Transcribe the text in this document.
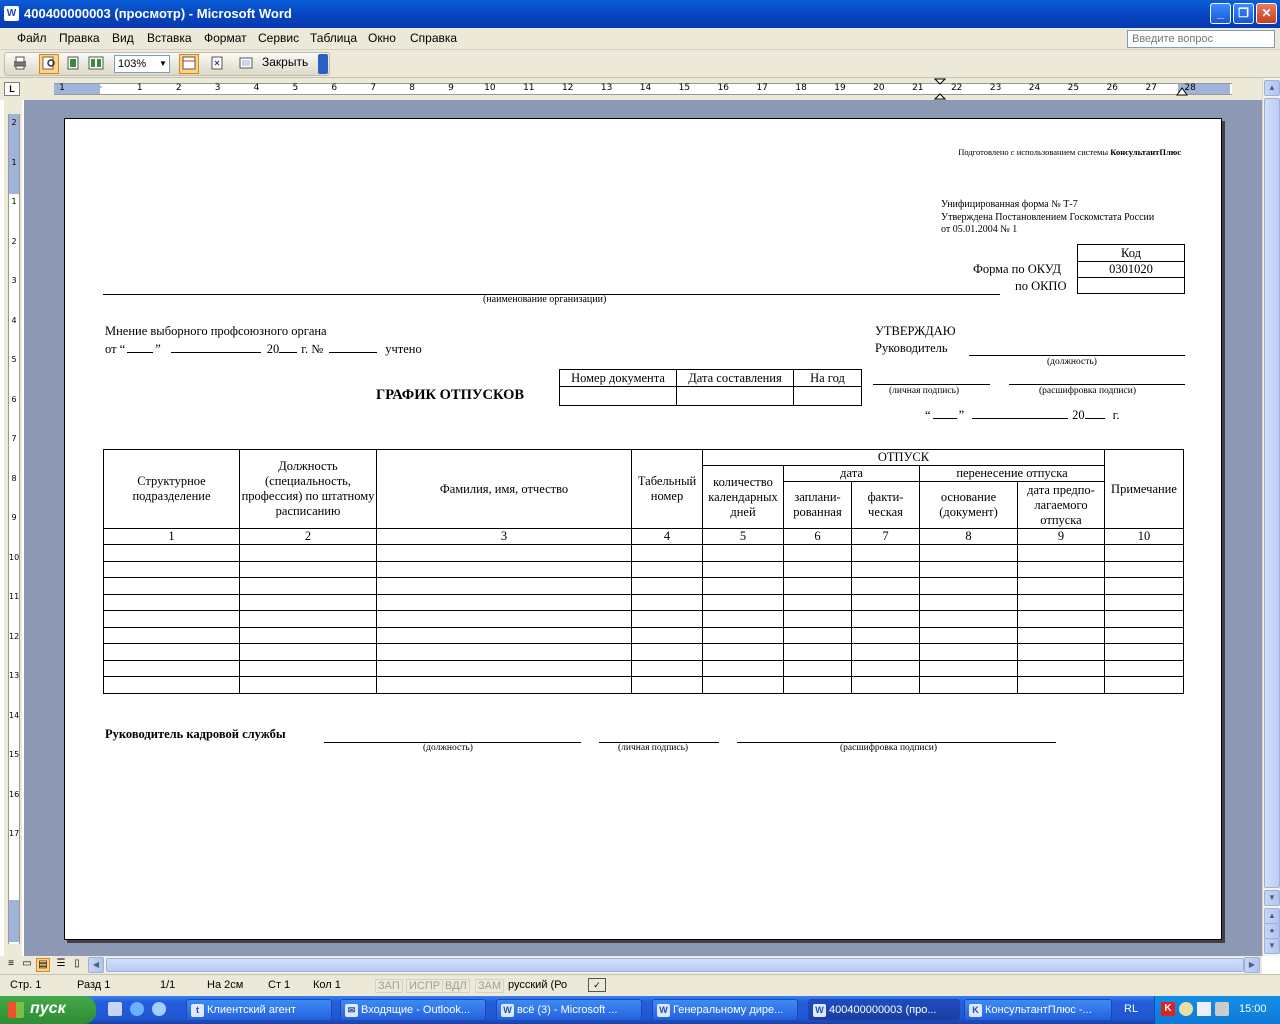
W 400400000003 (просмотр) - Microsoft Word	_	❐	✕
Файл Правка Вид Вставка Формат Сервис Таблица Окно Справка	Введите вопрос
103% ▼	Закрыть
L	1	·	1	2	3	4	5	6	7	8	9	10	11	12	13	14	15	16	17	18	19	20	21	22	23	24	25	26	27	28
2
1
1
2
3
4
5
6
7
8
9
10
11
12
13
14
15
16
17
Подготовлено с использованием системы КонсультантПлюс
Унифицированная форма № Т-7
Утверждена Постановлением Госкомстата России
от 05.01.2004 № 1
Код
0301020

Форма по ОКУД
по ОКПО
(наименование организации)
Мнение выборного профсоюзного органа
от “ ”	20 г. №	учтено
УТВЕРЖДАЮ
Руководитель
(должность)
(личная подпись)	(расшифровка подписи)
“ ”	20 г.
ГРАФИК ОТПУСКОВ
Номер документа	Дата составления	На год

Структурное подразделение	Должность (специальность, профессия) по штатному расписанию	Фамилия, имя, отчество	Табельный номер	ОТПУСК					Примечание
				количество календарных дней	дата		перенесение отпуска		
					заплани-рованная	факти-ческая	основание (документ)	дата предпо-лагаемого отпуска	
1	2	3	4	5	6	7	8	9	10

Руководитель кадровой службы
(должность)	(личная подпись)	(расшифровка подписи)
▲
▼
▲
●
▼
≡ ▭ ▤ ☰ ▯	◀	▶
Стр. 1	Разд 1	1/1	На 2см Ст 1 Кол 1	ЗАП ИСПР ВДЛ ЗАМ русский (Ро	✓
пуск	t Клиентский агент	✉ Входящие - Outlook...	W всё (3) - Microsoft ...	W Генеральному дире...	W 400400000003 (про...	K КонсультантПлюс -...	RL	K	15:00
